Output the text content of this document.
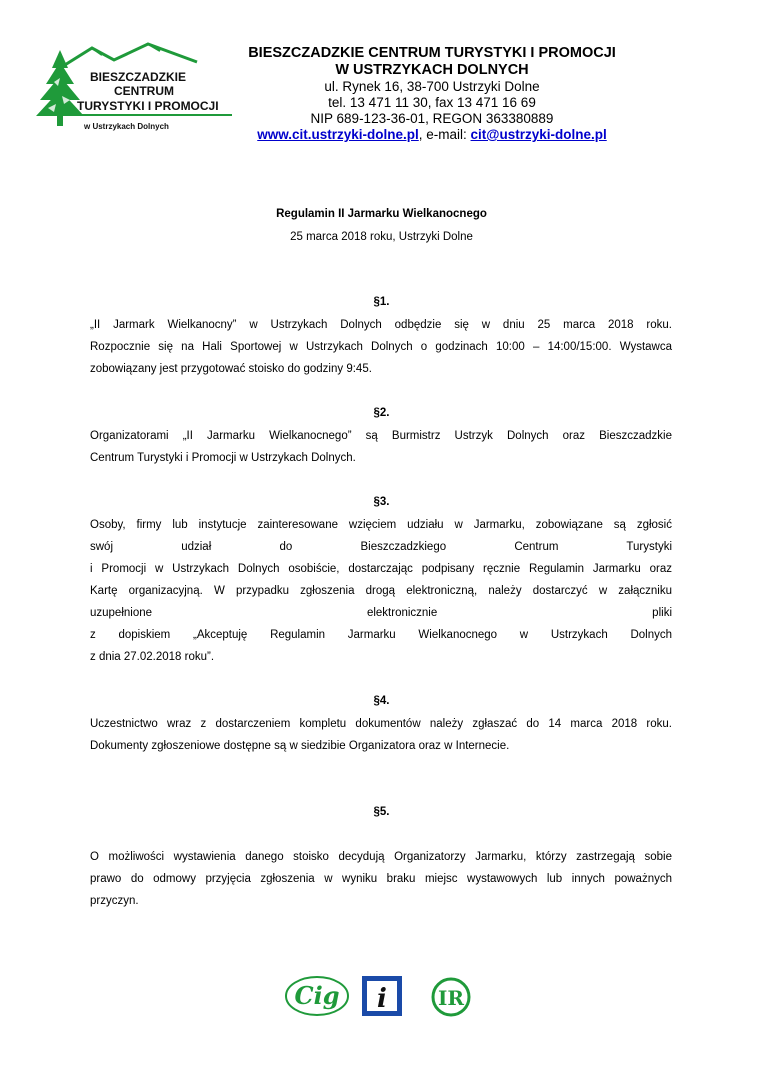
BIESZCZADZKIE
CENTRUM
TURYSTYKI I PROMOCJI
w Ustrzykach Dolnych
BIESZCZADZKIE CENTRUM TURYSTYKI I PROMOCJI
W USTRZYKACH DOLNYCH
ul. Rynek 16, 38-700 Ustrzyki Dolne
tel. 13 471 11 30, fax 13 471 16 69
NIP 689-123-36-01, REGON 363380889
www.cit.ustrzyki-dolne.pl, e-mail: cit@ustrzyki-dolne.pl
Regulamin II Jarmarku Wielkanocnego
25 marca 2018 roku, Ustrzyki Dolne
§1.
„II Jarmark Wielkanocny” w Ustrzykach Dolnych odbędzie się w dniu 25 marca 2018 roku.
Rozpocznie się na Hali Sportowej w Ustrzykach Dolnych o godzinach 10:00 – 14:00/15:00. Wystawca
zobowiązany jest przygotować stoisko do godziny 9:45.
§2.
Organizatorami „II Jarmarku Wielkanocnego” są Burmistrz Ustrzyk Dolnych oraz Bieszczadzkie
Centrum Turystyki i Promocji w Ustrzykach Dolnych.
§3.
Osoby, firmy lub instytucje zainteresowane wzięciem udziału w Jarmarku, zobowiązane są zgłosić
swój udział do Bieszczadzkiego Centrum Turystyki
i Promocji w Ustrzykach Dolnych osobiście, dostarczając podpisany ręcznie Regulamin Jarmarku oraz
Kartę organizacyjną. W przypadku zgłoszenia drogą elektroniczną, należy dostarczyć w załączniku
uzupełnione elektronicznie pliki
z dopiskiem „Akceptuję Regulamin Jarmarku Wielkanocnego w Ustrzykach Dolnych
z dnia 27.02.2018 roku”.
§4.
Uczestnictwo wraz z dostarczeniem kompletu dokumentów należy zgłaszać do 14 marca 2018 roku.
Dokumenty zgłoszeniowe dostępne są w siedzibie Organizatora oraz w Internecie.
§5.
O możliwości wystawienia danego stoisko decydują Organizatorzy Jarmarku, którzy zastrzegają sobie
prawo do odmowy przyjęcia zgłoszenia w wyniku braku miejsc wystawowych lub innych poważnych
przyczyn.
Cig i	IR
